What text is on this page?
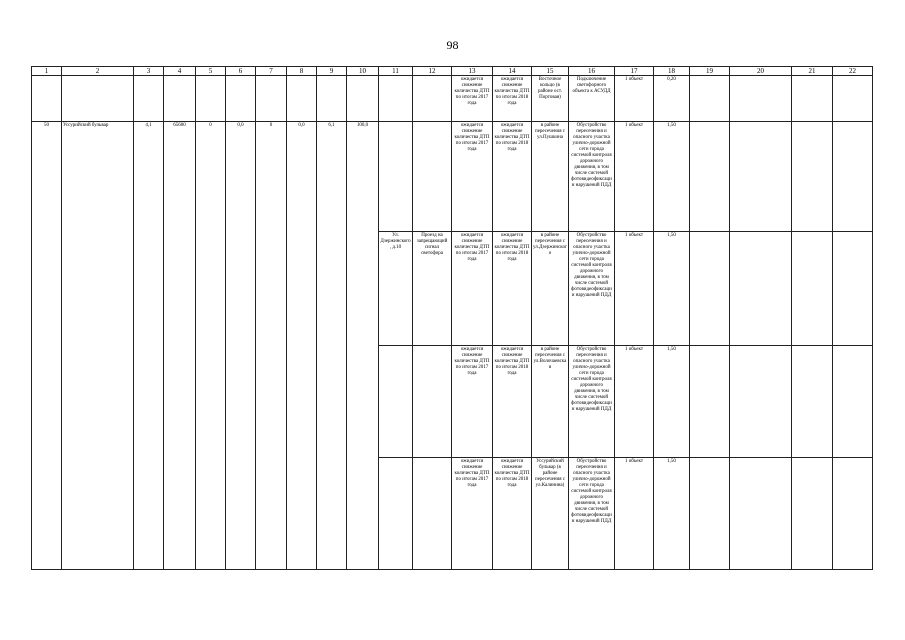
98
1	2	3	4	5	6	7	8	9	10	11	12	13	14	15	16	17	18	19	20	21	22
												ожидается снижение количества ДТП по итогам 2017 года	ожидается снижение количества ДТП по итогам 2018 года	Восточное кольцо (в районе ост. Портовая)	Подключение светофорного объекта к АСУДД	1 объект	0,20				
50	Уссурийский бульвар	4,1	65600	0	0,0	0	0,0	6,1	100,0			ожидается снижение количества ДТП по итогам 2017 года	ожидается снижение количества ДТП по итогам 2018 года	в районе пересечения с ул.Пушкина	Обустройство пересечения и опасного участка улично-дорожной сети города системой контроля дорожного движения, в том числе системой фотовидеофиксации нарушений ПДД	1 объект	1,50				
										Ул. Дзержинского, д.10	Проезд на запрещающий сигнал светофора	ожидается снижение количества ДТП по итогам 2017 года	ожидается снижение количества ДТП по итогам 2018 года	в районе пересечения с ул.Дзержинского	Обустройство пересечения и опасного участка улично-дорожной сети города системой контроля дорожного движения, в том числе системой фотовидеофиксации нарушений ПДД	1 объект	1,50				
												ожидается снижение количества ДТП по итогам 2017 года	ожидается снижение количества ДТП по итогам 2018 года	в районе пересечения с ул.Волочаевская	Обустройство пересечения и опасного участка улично-дорожной сети города системой контроля дорожного движения, в том числе системой фотовидеофиксации нарушений ПДД	1 объект	1,50				
												ожидается снижение количества ДТП по итогам 2017 года	ожидается снижение количества ДТП по итогам 2018 года	Уссурийский бульвар (в районе пересечения с ул.Калинина)	Обустройство пересечения и опасного участка улично-дорожной сети города системой контроля дорожного движения, в том числе системой фотовидеофиксации нарушений ПДД	1 объект	1,50				
